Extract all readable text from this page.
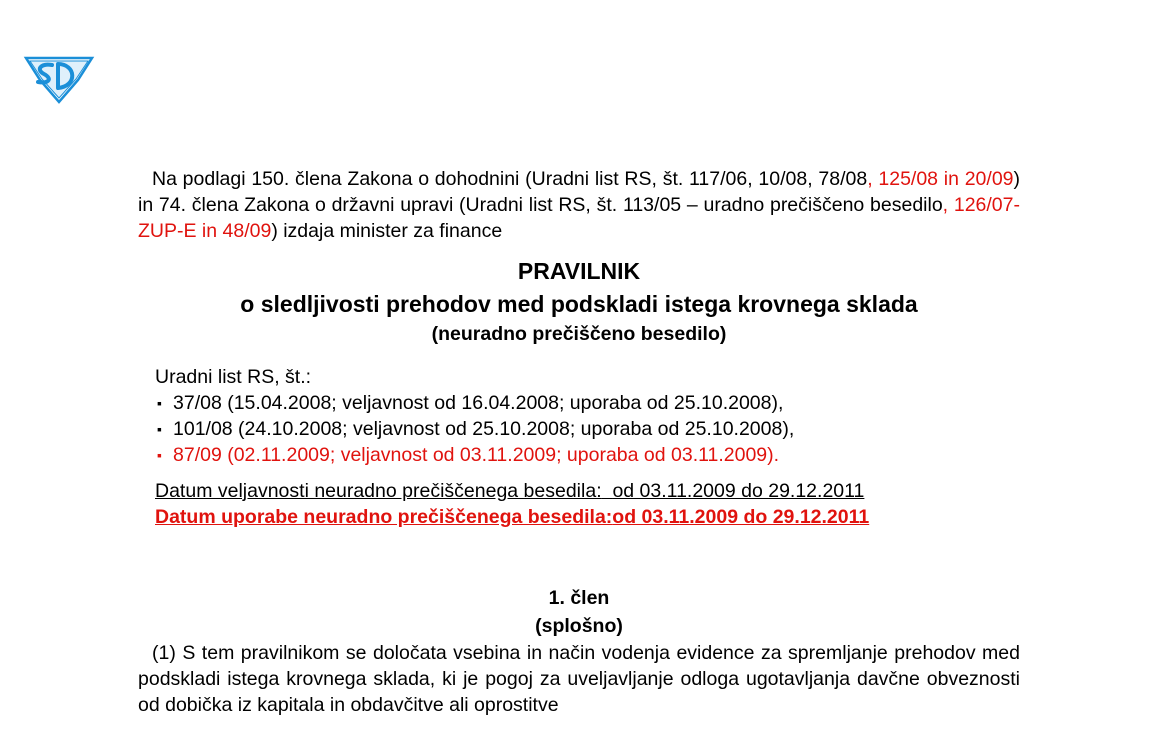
Na podlagi 150. člena Zakona o dohodnini (Uradni list RS, št. 117/06, 10/08, 78/08, 125/08 in 20/09) in 74. člena Zakona o državni upravi (Uradni list RS, št. 113/05 – uradno prečiščeno besedilo, 126/07-ZUP-E in 48/09) izdaja minister za finance

PRAVILNIK
o sledljivosti prehodov med podskladi istega krovnega sklada
(neuradno prečiščeno besedilo)
Uradni list RS, št.:
▪ 37/08 (15.04.2008; veljavnost od 16.04.2008; uporaba od 25.10.2008),
▪ 101/08 (24.10.2008; veljavnost od 25.10.2008; uporaba od 25.10.2008),
▪ 87/09 (02.11.2009; veljavnost od 03.11.2009; uporaba od 03.11.2009).
Datum veljavnosti neuradno prečiščenega besedila: od 03.11.2009 do 29.12.2011
Datum uporabe neuradno prečiščenega besedila:od 03.11.2009 do 29.12.2011
1. člen
(splošno)

(1) S tem pravilnikom se določata vsebina in način vodenja evidence za spremljanje prehodov med podskladi istega krovnega sklada, ki je pogoj za uveljavljanje odloga ugotavljanja davčne obveznosti od dobička iz kapitala in obdavčitve ali oprostitve
